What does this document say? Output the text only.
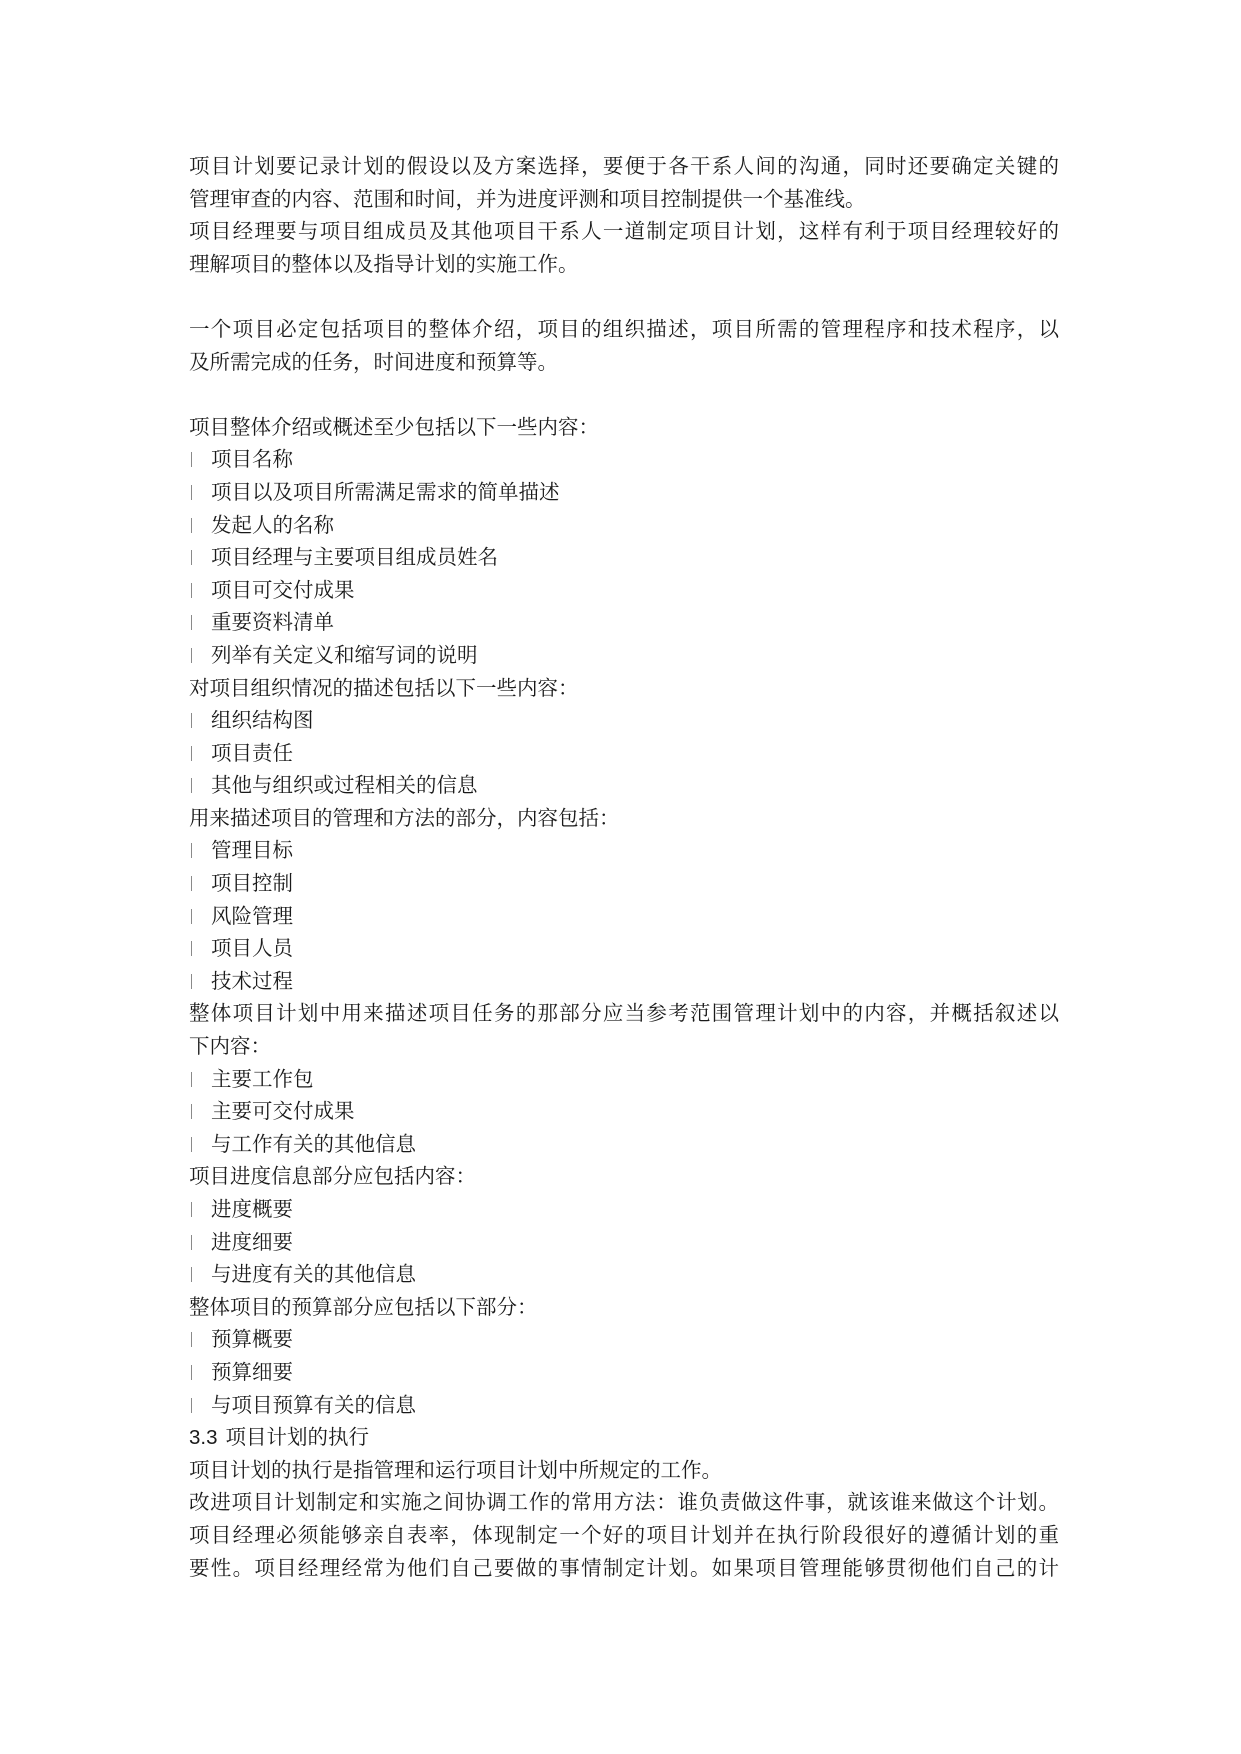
项目计划要记录计划的假设以及方案选择，要便于各干系人间的沟通，同时还要确定关键的
管理审查的内容、范围和时间，并为进度评测和项目控制提供一个基准线。
项目经理要与项目组成员及其他项目干系人一道制定项目计划，这样有利于项目经理较好的
理解项目的整体以及指导计划的实施工作。
一个项目必定包括项目的整体介绍，项目的组织描述，项目所需的管理程序和技术程序，以
及所需完成的任务，时间进度和预算等。
项目整体介绍或概述至少包括以下一些内容：
项目名称
项目以及项目所需满足需求的简单描述
发起人的名称
项目经理与主要项目组成员姓名
项目可交付成果
重要资料清单
列举有关定义和缩写词的说明
对项目组织情况的描述包括以下一些内容：
组织结构图
项目责任
其他与组织或过程相关的信息
用来描述项目的管理和方法的部分，内容包括：
管理目标
项目控制
风险管理
项目人员
技术过程
整体项目计划中用来描述项目任务的那部分应当参考范围管理计划中的内容，并概括叙述以
下内容：
主要工作包
主要可交付成果
与工作有关的其他信息
项目进度信息部分应包括内容：
进度概要
进度细要
与进度有关的其他信息
整体项目的预算部分应包括以下部分：
预算概要
预算细要
与项目预算有关的信息
3.3 项目计划的执行
项目计划的执行是指管理和运行项目计划中所规定的工作。
改进项目计划制定和实施之间协调工作的常用方法：谁负责做这件事，就该谁来做这个计划。
项目经理必须能够亲自表率，体现制定一个好的项目计划并在执行阶段很好的遵循计划的重
要性。项目经理经常为他们自己要做的事情制定计划。如果项目管理能够贯彻他们自己的计
